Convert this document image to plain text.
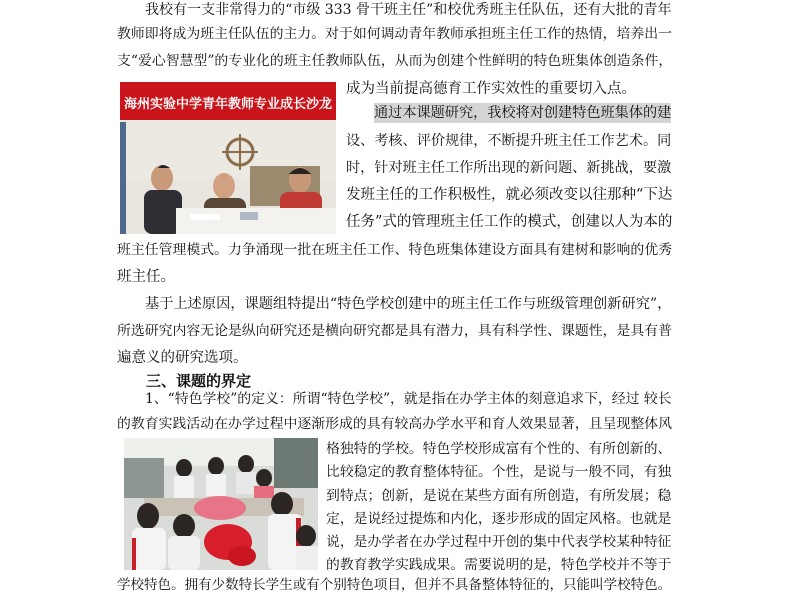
我校有一支非常得力的“市级 333 骨干班主任”和校优秀班主任队伍，还有大批的青年

教师即将成为班主任队伍的主力。对于如何调动青年教师承担班主任工作的热情，培养出一

支“爱心智慧型”的专业化的班主任教师队伍，从而为创建个性鲜明的特色班集体创造条件，

成为当前提高德育工作实效性的重要切入点。

海州实验中学青年教师专业成长沙龙

通过本课题研究，我校将对创建特色班集体的建

设、考核、评价规律，不断提升班主任工作艺术。同

时，针对班主任工作所出现的新问题、新挑战，要激

发班主任的工作积极性，就必须改变以往那种“下达

任务”式的管理班主任工作的模式，创建以人为本的

班主任管理模式。力争涌现一批在班主任工作、特色班集体建设方面具有建树和影响的优秀

班主任。

基于上述原因，课题组特提出“特色学校创建中的班主任工作与班级管理创新研究”，

所选研究内容无论是纵向研究还是横向研究都是具有潜力，具有科学性、课题性，是具有普

遍意义的研究选项。

三、课题的界定

1、“特色学校”的定义：所谓“特色学校”，就是指在办学主体的刻意追求下，经过 较长

的教育实践活动在办学过程中逐渐形成的具有较高办学水平和育人效果显著，且呈现整体风

格独特的学校。特色学校形成富有个性的、有所创新的、

比较稳定的教育整体特征。个性，是说与一般不同，有独

到特点；创新，是说在某些方面有所创造，有所发展；稳

定，是说经过提炼和内化，逐步形成的固定风格。也就是

说，是办学者在办学过程中开创的集中代表学校某种特征

的教育教学实践成果。需要说明的是，特色学校并不等于

学校特色。拥有少数特长学生或有个别特色项目，但并不具备整体特征的，只能叫学校特色。
